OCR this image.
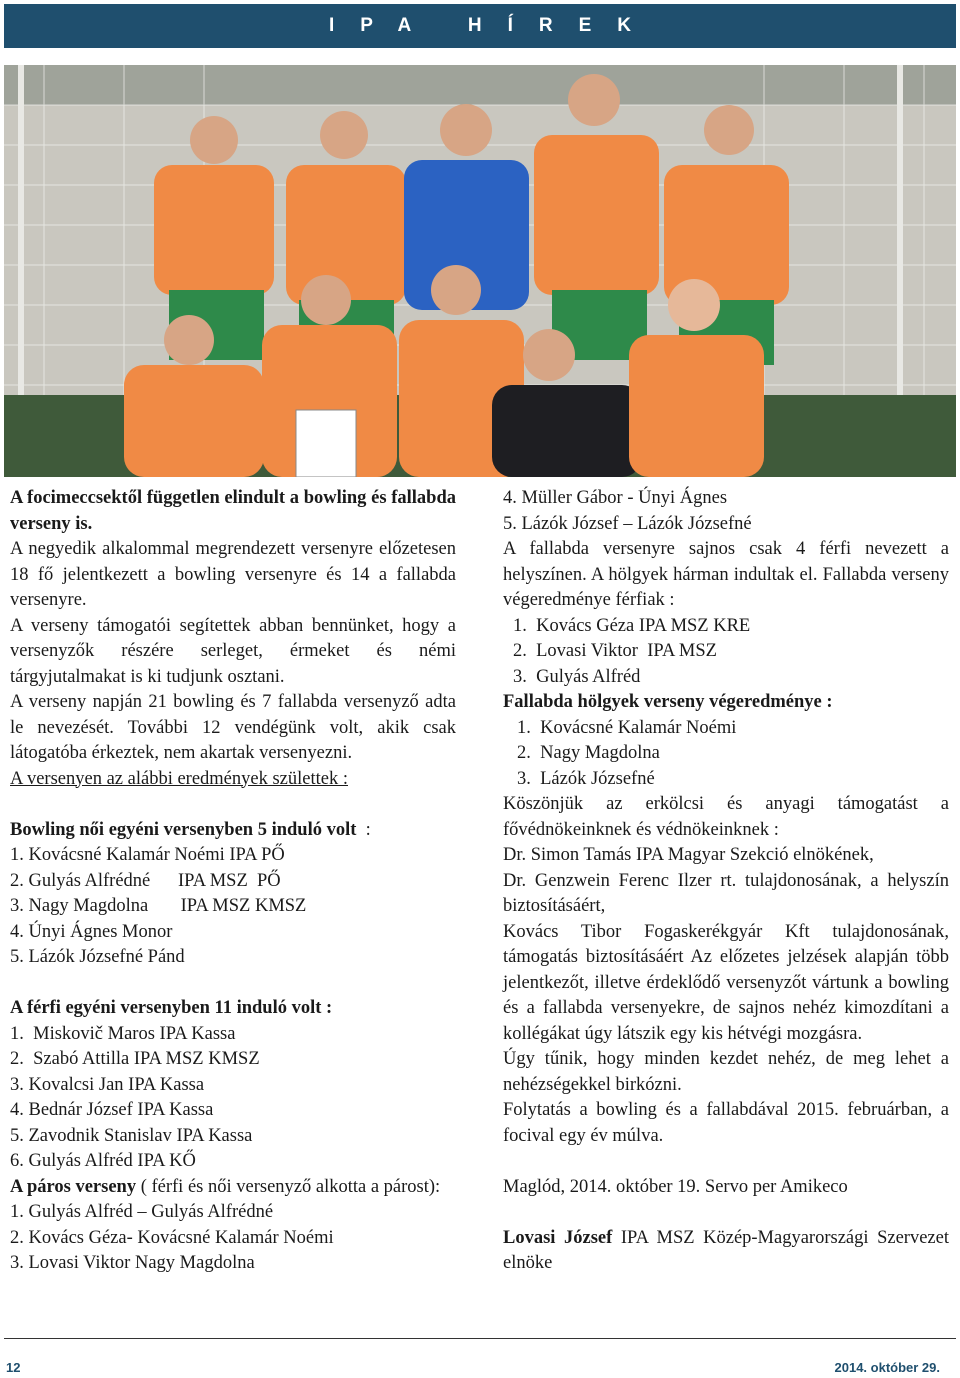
IPA HÍREK

A focimeccsektől független elindult a bowling és fallabda verseny is.

A negyedik alkalommal megrendezett versenyre előzetesen 18 fő jelentkezett a bowling versenyre és 14 a fallabda versenyre.

A verseny támogatói segítettek abban bennünket, hogy a versenyzők részére serleget, érmeket és némi tárgyjutalmakat is ki tudjunk osztani.

A verseny napján 21 bowling és 7 fallabda versenyző adta le nevezését. További 12 vendégünk volt, akik csak látogatóba érkeztek, nem akartak versenyezni.

A versenyen az alábbi eredmények születtek :

Bowling női egyéni versenyben 5 induló volt  :

1. Kovácsné Kalamár Noémi IPA PŐ

2. Gulyás Alfrédné      IPA MSZ  PŐ

3. Nagy Magdolna       IPA MSZ KMSZ

4. Únyi Ágnes Monor

5. Lázók Józsefné Pánd

A férfi egyéni versenyben 11 induló volt :

1.  Miskovič Maros IPA Kassa

2.  Szabó Attilla IPA MSZ KMSZ

3. Kovalcsi Jan IPA Kassa

4. Bednár József IPA Kassa

5. Zavodnik Stanislav IPA Kassa

6. Gulyás Alfréd IPA KŐ

A páros verseny ( férfi és női versenyző alkotta a párost):

1. Gulyás Alfréd – Gulyás Alfrédné

2. Kovács Géza- Kovácsné Kalamár Noémi

3. Lovasi Viktor Nagy Magdolna

4. Müller Gábor - Únyi Ágnes

5. Lázók József – Lázók Józsefné

A fallabda versenyre sajnos csak 4 férfi nevezett a helyszínen. A hölgyek hárman indultak el. Fallabda verseny végeredménye férfiak :

1.  Kovács Géza IPA MSZ KRE

2.  Lovasi Viktor  IPA MSZ

3.  Gulyás Alfréd

Fallabda hölgyek verseny végeredménye :

1.  Kovácsné Kalamár Noémi

2.  Nagy Magdolna

3.  Lázók Józsefné

Köszönjük az erkölcsi és anyagi támogatást a fővédnökeinknek és védnökeinknek :

Dr. Simon Tamás IPA Magyar Szekció elnökének,

Dr. Genzwein Ferenc Ilzer rt. tulajdonosának, a helyszín biztosításáért,

Kovács Tibor Fogaskerékgyár Kft tulajdonosának, támogatás biztosításáért Az előzetes jelzések alapján több jelentkezőt, illetve érdeklődő versenyzőt vártunk a bowling és a fallabda versenyekre, de sajnos nehéz kimozdítani a kollégákat úgy látszik egy kis hétvégi mozgásra.

Úgy tűnik, hogy minden kezdet nehéz, de meg lehet a nehézségekkel birkózni.

Folytatás a bowling és a fallabdával 2015. februárban, a focival egy év múlva.

Maglód, 2014. október 19. Servo per Amikeco

Lovasi József IPA MSZ Közép-Magyarországi Szervezet elnöke

12	2014. október 29.
